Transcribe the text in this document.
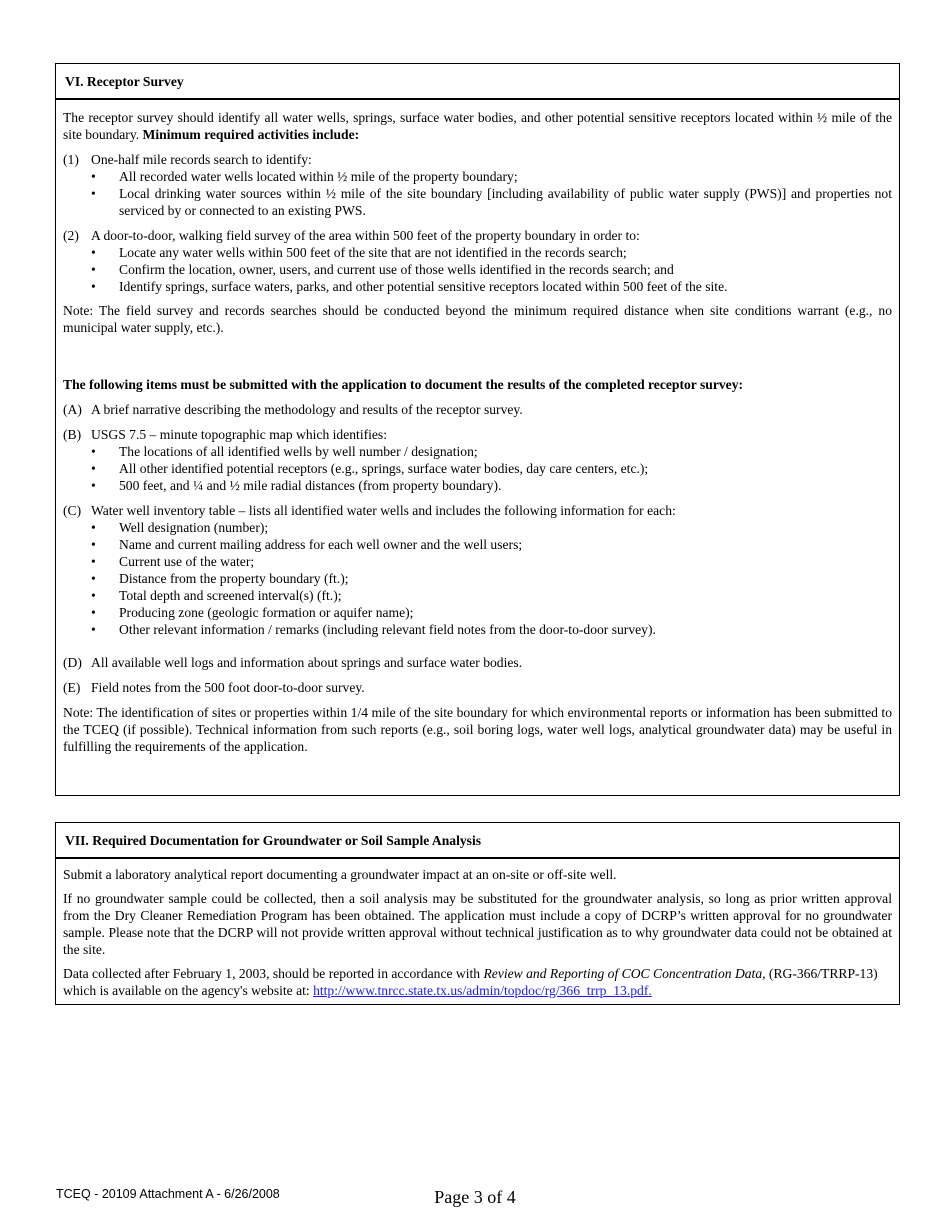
VI. Receptor Survey

The receptor survey should identify all water wells, springs, surface water bodies, and other potential sensitive receptors located within ½ mile of the site boundary. Minimum required activities include:

(1) One-half mile records search to identify:
•	All recorded water wells located within ½ mile of the property boundary;
•	Local drinking water sources within ½ mile of the site boundary [including availability of public water supply (PWS)] and properties not serviced by or connected to an existing PWS.
(2) A door-to-door, walking field survey of the area within 500 feet of the property boundary in order to:
•	Locate any water wells within 500 feet of the site that are not identified in the records search;
•	Confirm the location, owner, users, and current use of those wells identified in the records search; and
•	Identify springs, surface waters, parks, and other potential sensitive receptors located within 500 feet of the site.

Note: The field survey and records searches should be conducted beyond the minimum required distance when site conditions warrant (e.g., no municipal water supply, etc.).

The following items must be submitted with the application to document the results of the completed receptor survey:

(A) A brief narrative describing the methodology and results of the receptor survey.
(B) USGS 7.5 – minute topographic map which identifies:
•	The locations of all identified wells by well number / designation;
•	All other identified potential receptors (e.g., springs, surface water bodies, day care centers, etc.);
•	500 feet, and ¼ and ½ mile radial distances (from property boundary).
(C) Water well inventory table – lists all identified water wells and includes the following information for each:
•	Well designation (number);
•	Name and current mailing address for each well owner and the well users;
•	Current use of the water;
•	Distance from the property boundary (ft.);
•	Total depth and screened interval(s) (ft.);
•	Producing zone (geologic formation or aquifer name);
•	Other relevant information / remarks (including relevant field notes from the door-to-door survey).
(D) All available well logs and information about springs and surface water bodies.
(E) Field notes from the 500 foot door-to-door survey.

Note: The identification of sites or properties within 1/4 mile of the site boundary for which environmental reports or information has been submitted to the TCEQ (if possible). Technical information from such reports (e.g., soil boring logs, water well logs, analytical groundwater data) may be useful in fulfilling the requirements of the application.

VII. Required Documentation for Groundwater or Soil Sample Analysis

Submit a laboratory analytical report documenting a groundwater impact at an on-site or off-site well.

If no groundwater sample could be collected, then a soil analysis may be substituted for the groundwater analysis, so long as prior written approval from the Dry Cleaner Remediation Program has been obtained. The application must include a copy of DCRP’s written approval for no groundwater sample. Please note that the DCRP will not provide written approval without technical justification as to why groundwater data could not be obtained at the site.

Data collected after February 1, 2003, should be reported in accordance with Review and Reporting of COC Concentration Data, (RG-366/TRRP-13) which is available on the agency's website at: http://www.tnrcc.state.tx.us/admin/topdoc/rg/366_trrp_13.pdf.

TCEQ - 20109 Attachment A - 6/26/2008	Page 3 of 4
